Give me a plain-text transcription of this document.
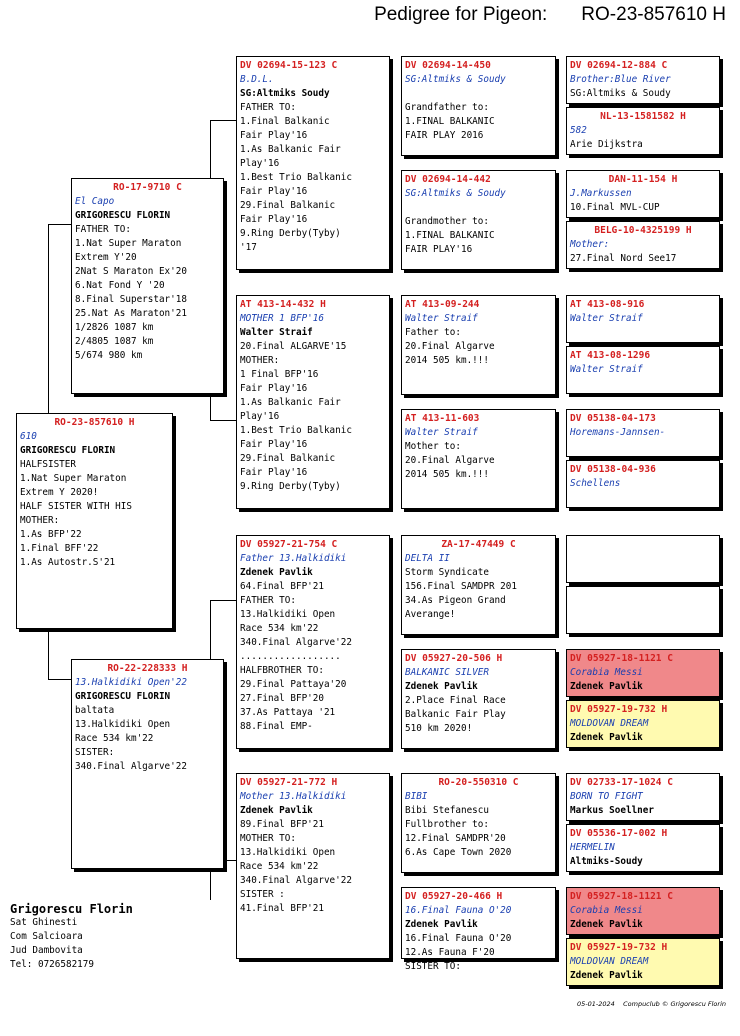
Pedigree for Pigeon: RO-23-857610 H
RO-23-857610 H
610
GRIGORESCU FLORIN
HALFSISTER
1.Nat Super Maraton
Extrem Y 2020!
HALF SISTER WITH HIS
MOTHER:
1.As BFP'22
1.Final BFF'22
1.As Autostr.S'21
RO-17-9710 C
El Capo
GRIGORESCU FLORIN
FATHER TO:
1.Nat Super Maraton
Extrem Y'20
2Nat S Maraton Ex'20
6.Nat Fond Y '20
8.Final Superstar'18
25.Nat As Maraton'21
1/2826 1087 km
2/4805 1087 km
5/674 980 km
RO-22-228333 H
13.Halkidiki Open'22
GRIGORESCU FLORIN
baltata
13.Halkidiki Open
Race 534 km'22
SISTER:
340.Final Algarve'22
DV 02694-15-123 C
B.D.L.
SG:Altmiks Soudy
FATHER TO:
1.Final Balkanic
Fair Play'16
1.As Balkanic Fair
Play'16
1.Best Trio Balkanic
Fair Play'16
29.Final Balkanic
Fair Play'16
9.Ring Derby(Tyby)
'17
AT 413-14-432 H
MOTHER 1 BFP'16
Walter Straif
20.Final ALGARVE'15
MOTHER:
1 Final BFP'16
Fair Play'16
1.As Balkanic Fair
Play'16
1.Best Trio Balkanic
Fair Play'16
29.Final Balkanic
Fair Play'16
9.Ring Derby(Tyby)
DV 05927-21-754 C
Father 13.Halkidiki
Zdenek Pavlik
64.Final BFP'21
FATHER TO:
13.Halkidiki Open
Race 534 km'22
340.Final Algarve'22
..................
HALFBROTHER TO:
29.Final Pattaya'20
27.Final BFP'20
37.As Pattaya '21
88.Final EMP-
DV 05927-21-772 H
Mother 13.Halkidiki
Zdenek Pavlik
89.Final BFP'21
MOTHER TO:
13.Halkidiki Open
Race 534 km'22
340.Final Algarve'22
SISTER :
41.Final BFP'21
DV 02694-14-450
SG:Altmiks & Soudy

Grandfather to:
1.FINAL BALKANIC
FAIR PLAY 2016
DV 02694-14-442
SG:Altmiks & Soudy

Grandmother to:
1.FINAL BALKANIC
FAIR PLAY'16
AT 413-09-244
Walter Straif
Father to:
20.Final Algarve
2014 505 km.!!!
AT 413-11-603
Walter Straif
Mother to:
20.Final Algarve
2014 505 km.!!!
ZA-17-47449 C
DELTA II
Storm Syndicate
156.Final SAMDPR 201
34.As Pigeon Grand
Averange!
DV 05927-20-506 H
BALKANIC SILVER
Zdenek Pavlik
2.Place Final Race
Balkanic Fair Play
510 km 2020!
RO-20-550310 C
BIBI
Bibi Stefanescu
Fullbrother to:
12.Final SAMDPR'20
6.As Cape Town 2020
DV 05927-20-466 H
16.Final Fauna O'20
Zdenek Pavlik
16.Final Fauna O'20
12.As Fauna F'20
SISTER TO:
DV 02694-12-884 C
Brother:Blue River
SG:Altmiks & Soudy
NL-13-1581582 H
582
Arie Dijkstra
DAN-11-154 H
J.Markussen
10.Final MVL-CUP
BELG-10-4325199 H
Mother:
27.Final Nord See17
AT 413-08-916
Walter Straif
AT 413-08-1296
Walter Straif
DV 05138-04-173
Horemans-Jannsen-
DV 05138-04-936
Schellens
DV 05927-18-1121 C
Corabia Messi
Zdenek Pavlik
DV 05927-19-732 H
MOLDOVAN DREAM
Zdenek Pavlik
DV 02733-17-1024 C
BORN TO FIGHT
Markus Soellner
DV 05536-17-002 H
HERMELIN
Altmiks-Soudy
DV 05927-18-1121 C
Corabia Messi
Zdenek Pavlik
DV 05927-19-732 H
MOLDOVAN DREAM
Zdenek Pavlik
Grigorescu Florin
Sat Ghinesti
Com Salcioara
Jud Dambovita
Tel: 0726582179
05-01-2024 Compuclub © Grigorescu Florin
